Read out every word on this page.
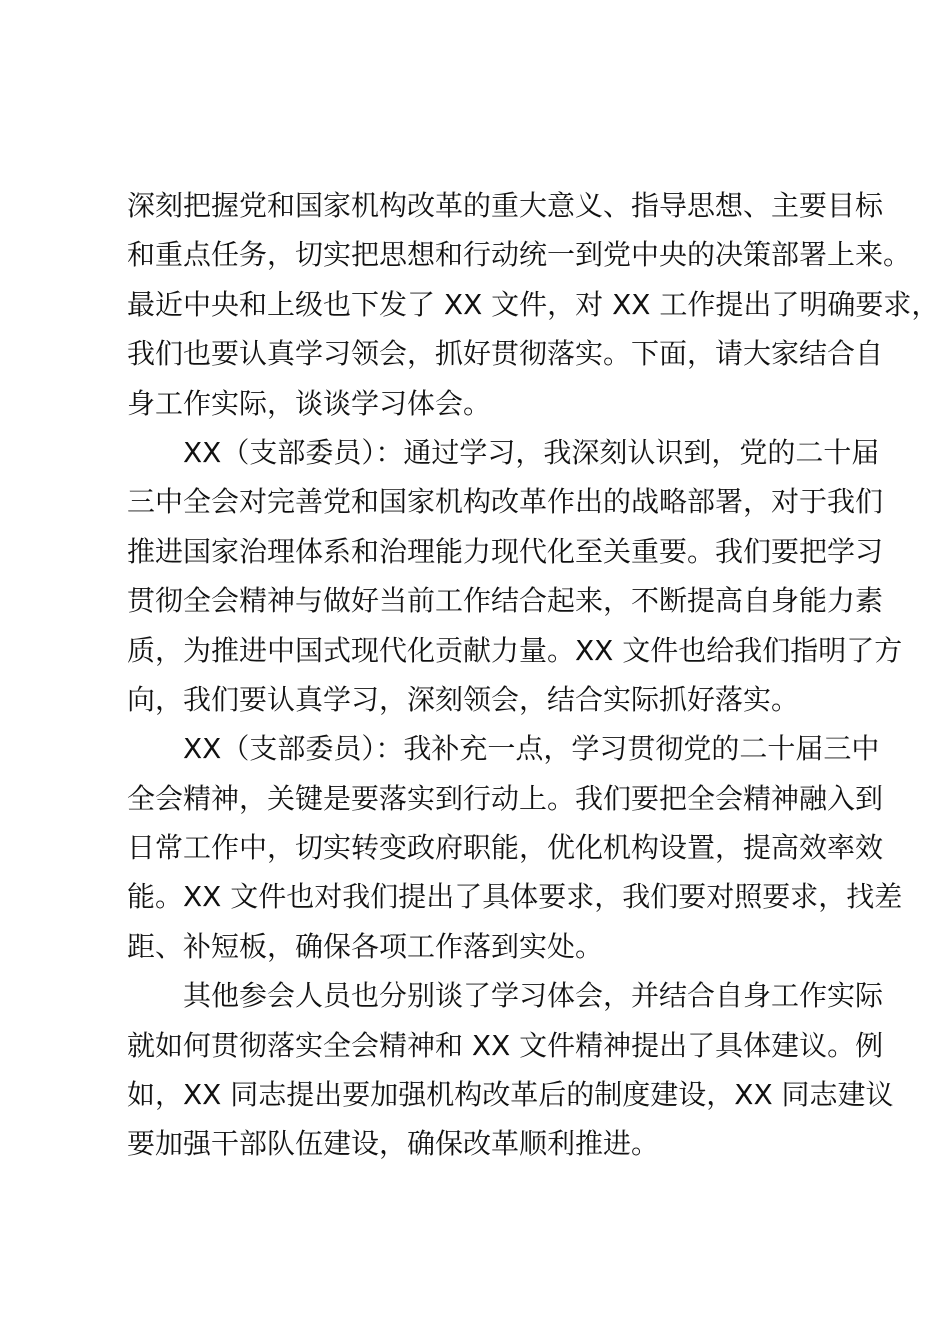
深刻把握党和国家机构改革的重大意义、指导思想、主要目标
和重点任务，切实把思想和行动统一到党中央的决策部署上来。
最近中央和上级也下发了 XX 文件，对 XX 工作提出了明确要求，
我们也要认真学习领会，抓好贯彻落实。下面，请大家结合自
身工作实际，谈谈学习体会。
XX（支部委员）：通过学习，我深刻认识到，党的二十届
三中全会对完善党和国家机构改革作出的战略部署，对于我们
推进国家治理体系和治理能力现代化至关重要。我们要把学习
贯彻全会精神与做好当前工作结合起来，不断提高自身能力素
质，为推进中国式现代化贡献力量。XX 文件也给我们指明了方
向，我们要认真学习，深刻领会，结合实际抓好落实。
XX（支部委员）：我补充一点，学习贯彻党的二十届三中
全会精神，关键是要落实到行动上。我们要把全会精神融入到
日常工作中，切实转变政府职能，优化机构设置，提高效率效
能。XX 文件也对我们提出了具体要求，我们要对照要求，找差
距、补短板，确保各项工作落到实处。
其他参会人员也分别谈了学习体会，并结合自身工作实际
就如何贯彻落实全会精神和 XX 文件精神提出了具体建议。例
如，XX 同志提出要加强机构改革后的制度建设，XX 同志建议
要加强干部队伍建设，确保改革顺利推进。
